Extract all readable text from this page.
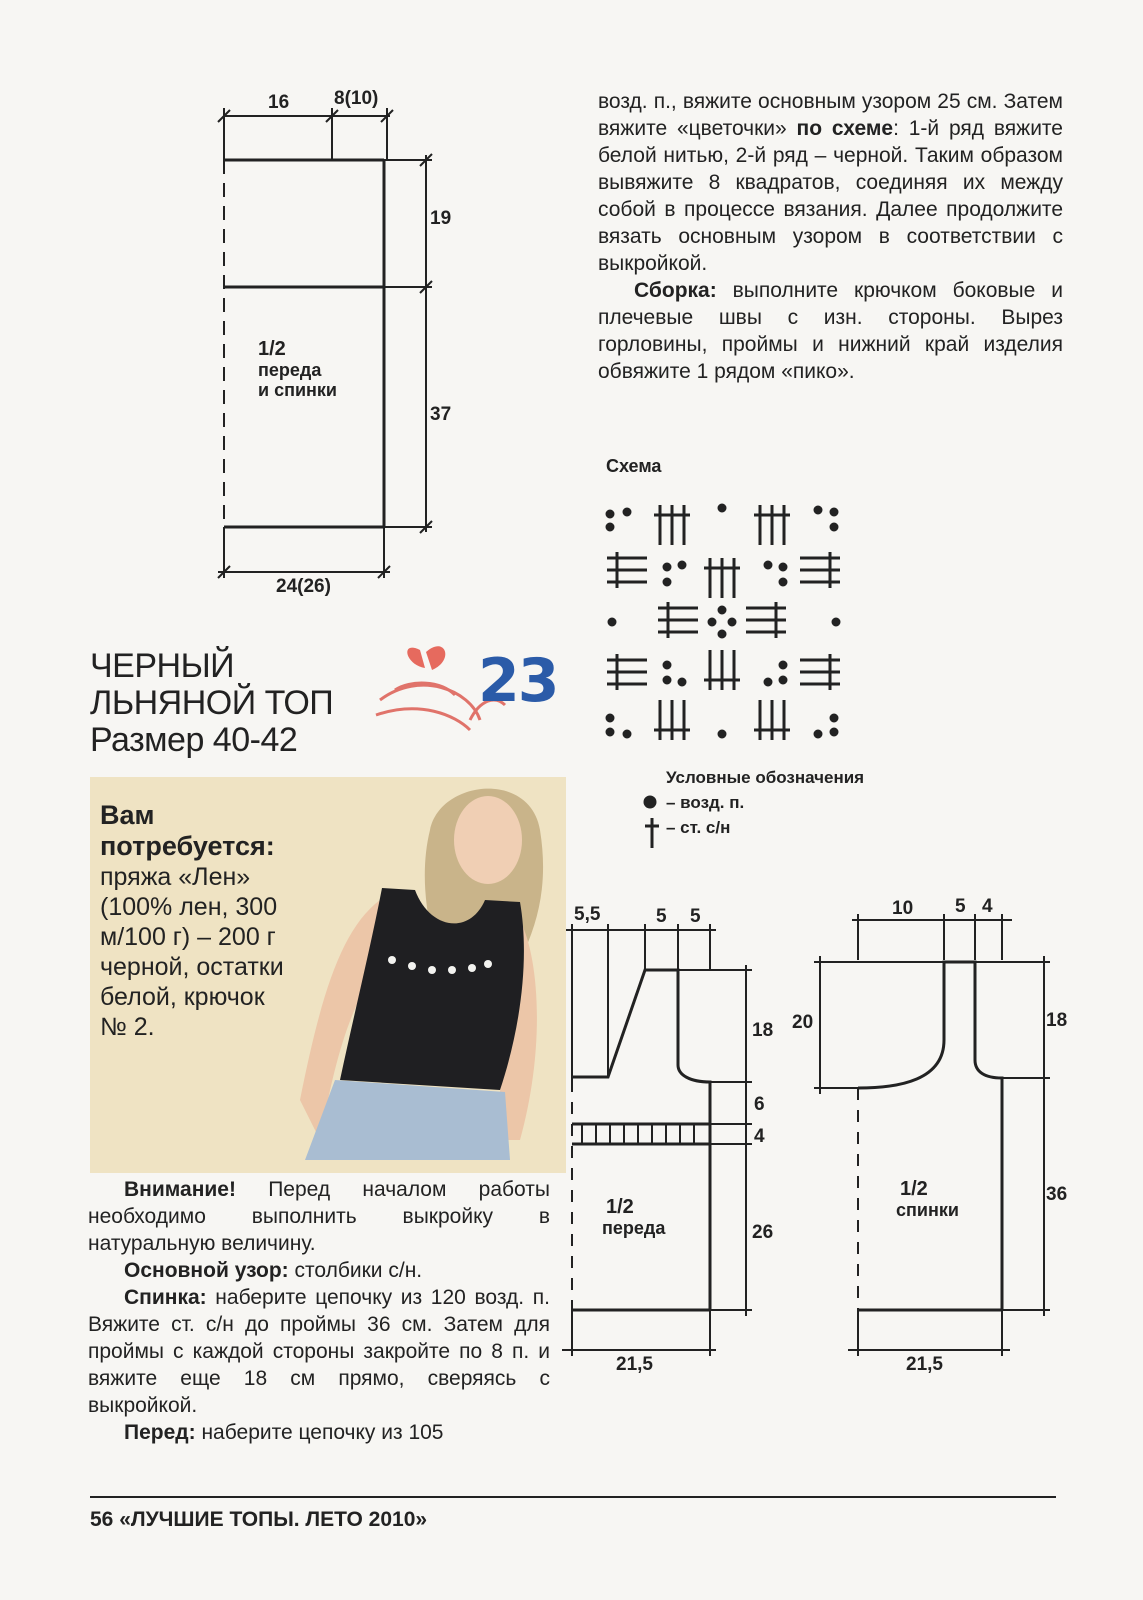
16 8(10)
19
37
24(26)
1/2
переда
и спинки

возд. п., вяжите основным узором 25 см. Затем вяжите «цветочки» по схеме: 1-й ряд вяжите белой нитью, 2-й ряд – черной. Таким образом вывяжите 8 квадратов, соединяя их между собой в процессе вязания. Далее продолжите вязать основным узором в соответствии с выкройкой.

Сборка: выполните крючком боковые и плечевые швы с изн. стороны. Вырез горловины, проймы и нижний край изделия обвяжите 1 рядом «пико».

Схема
Условные обозначения
– возд. п.
– ст. с/н
ЧЕРНЫЙ
ЛЬНЯНОЙ ТОП
Размер 40-42
23
Вам
потребуется:
пряжа «Лен» (100% лен, 300 м/100 г) – 200 г черной, остатки белой, крючок № 2.

Внимание! Перед началом работы необходимо выполнить выкройку в натуральную величину.

Основной узор: столбики с/н.

Спинка: наберите цепочку из 120 возд. п. Вяжите ст. с/н до проймы 36 см. Затем для проймы с каждой стороны закройте по 8 п. и вяжите еще 18 см прямо, сверяясь с выкройкой.

Перед: наберите цепочку из 105

5,5	5 5
18
6
4
26
21,5
1/2
переда
10 5 4
20	18
36
21,5
1/2
спинки
56 «ЛУЧШИЕ ТОПЫ. ЛЕТО 2010»
